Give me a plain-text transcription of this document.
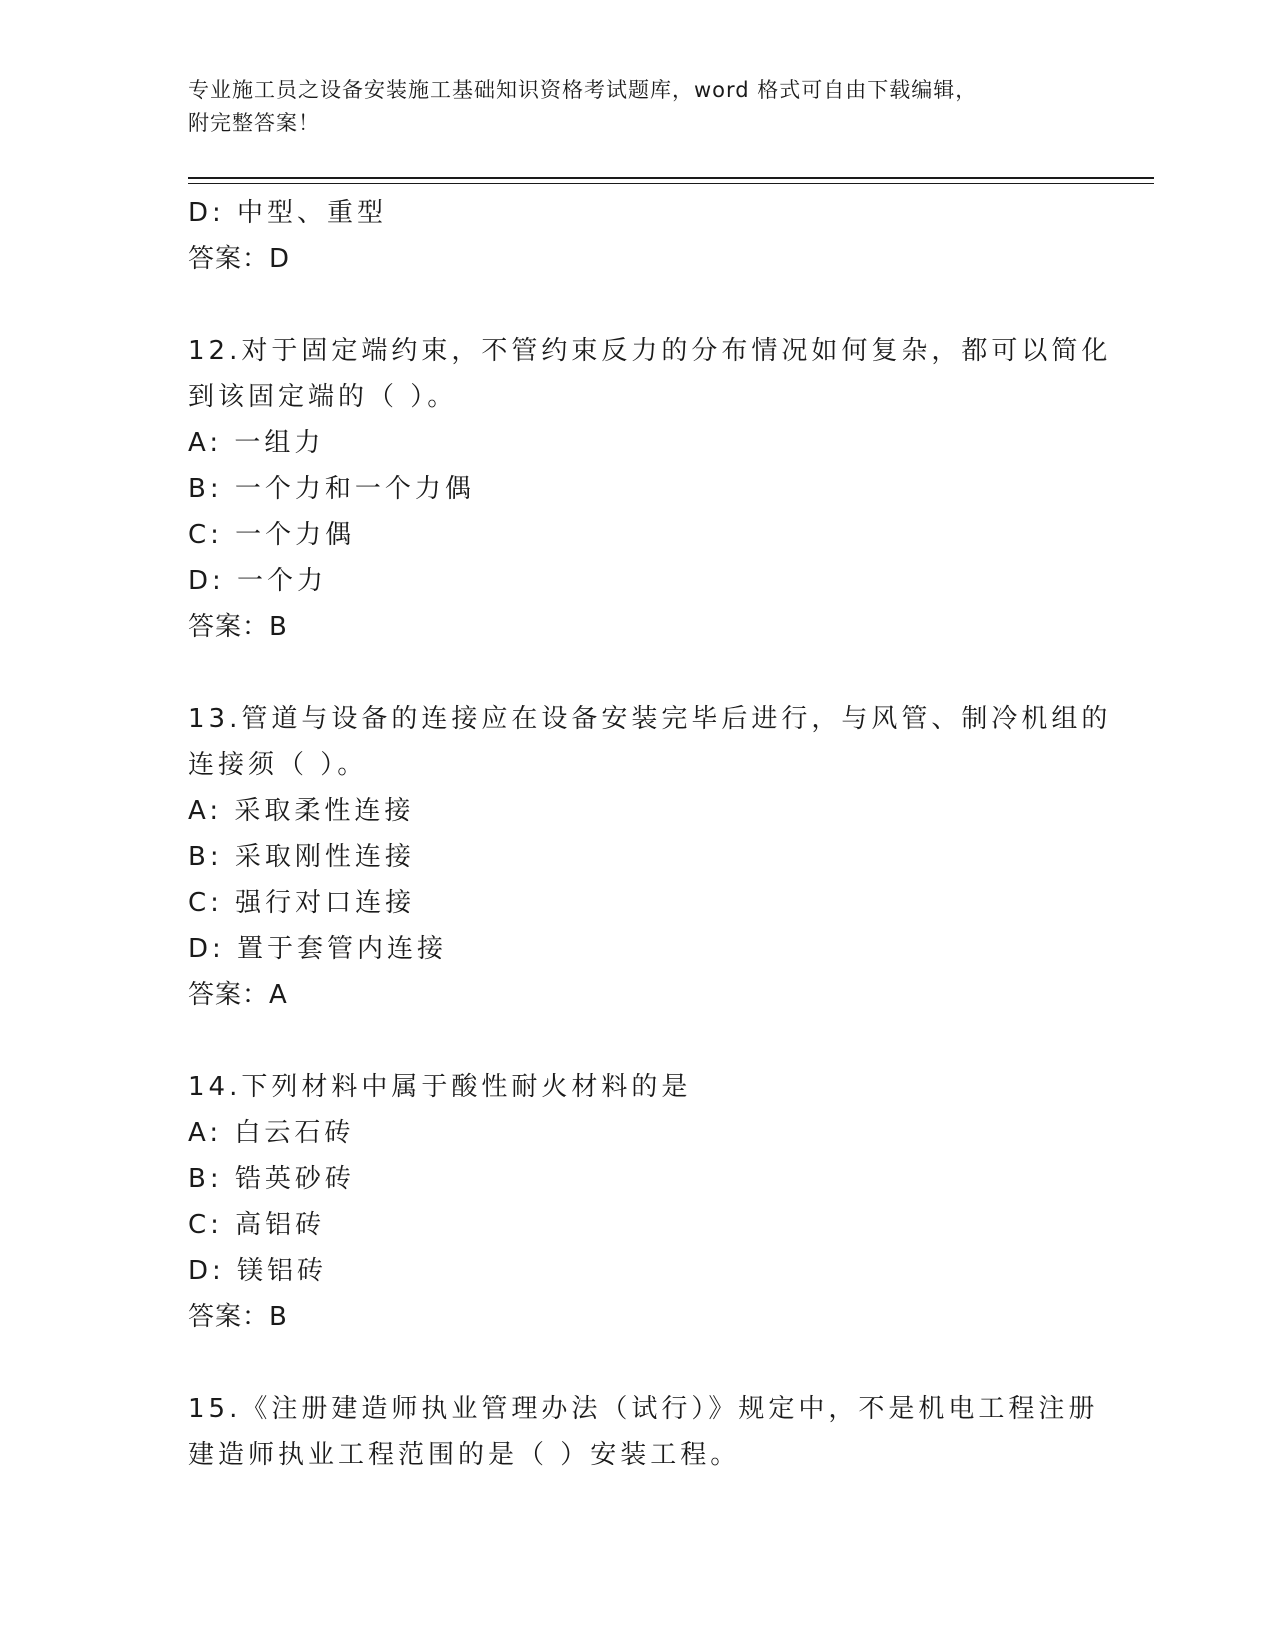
专业施工员之设备安装施工基础知识资格考试题库，word 格式可自由下载编辑，
附完整答案！
D: 中型、重型
答案：D
12.对于固定端约束，不管约束反力的分布情况如何复杂，都可以简化
到该固定端的（ ）。
A: 一组力
B: 一个力和一个力偶
C: 一个力偶
D: 一个力
答案：B
13.管道与设备的连接应在设备安装完毕后进行，与风管、制冷机组的
连接须（ ）。
A: 采取柔性连接
B: 采取刚性连接
C: 强行对口连接
D: 置于套管内连接
答案：A
14.下列材料中属于酸性耐火材料的是
A: 白云石砖
B: 锆英砂砖
C: 高铝砖
D: 镁铝砖
答案：B
15.《注册建造师执业管理办法（试行）》规定中，不是机电工程注册
建造师执业工程范围的是（ ）安装工程。
